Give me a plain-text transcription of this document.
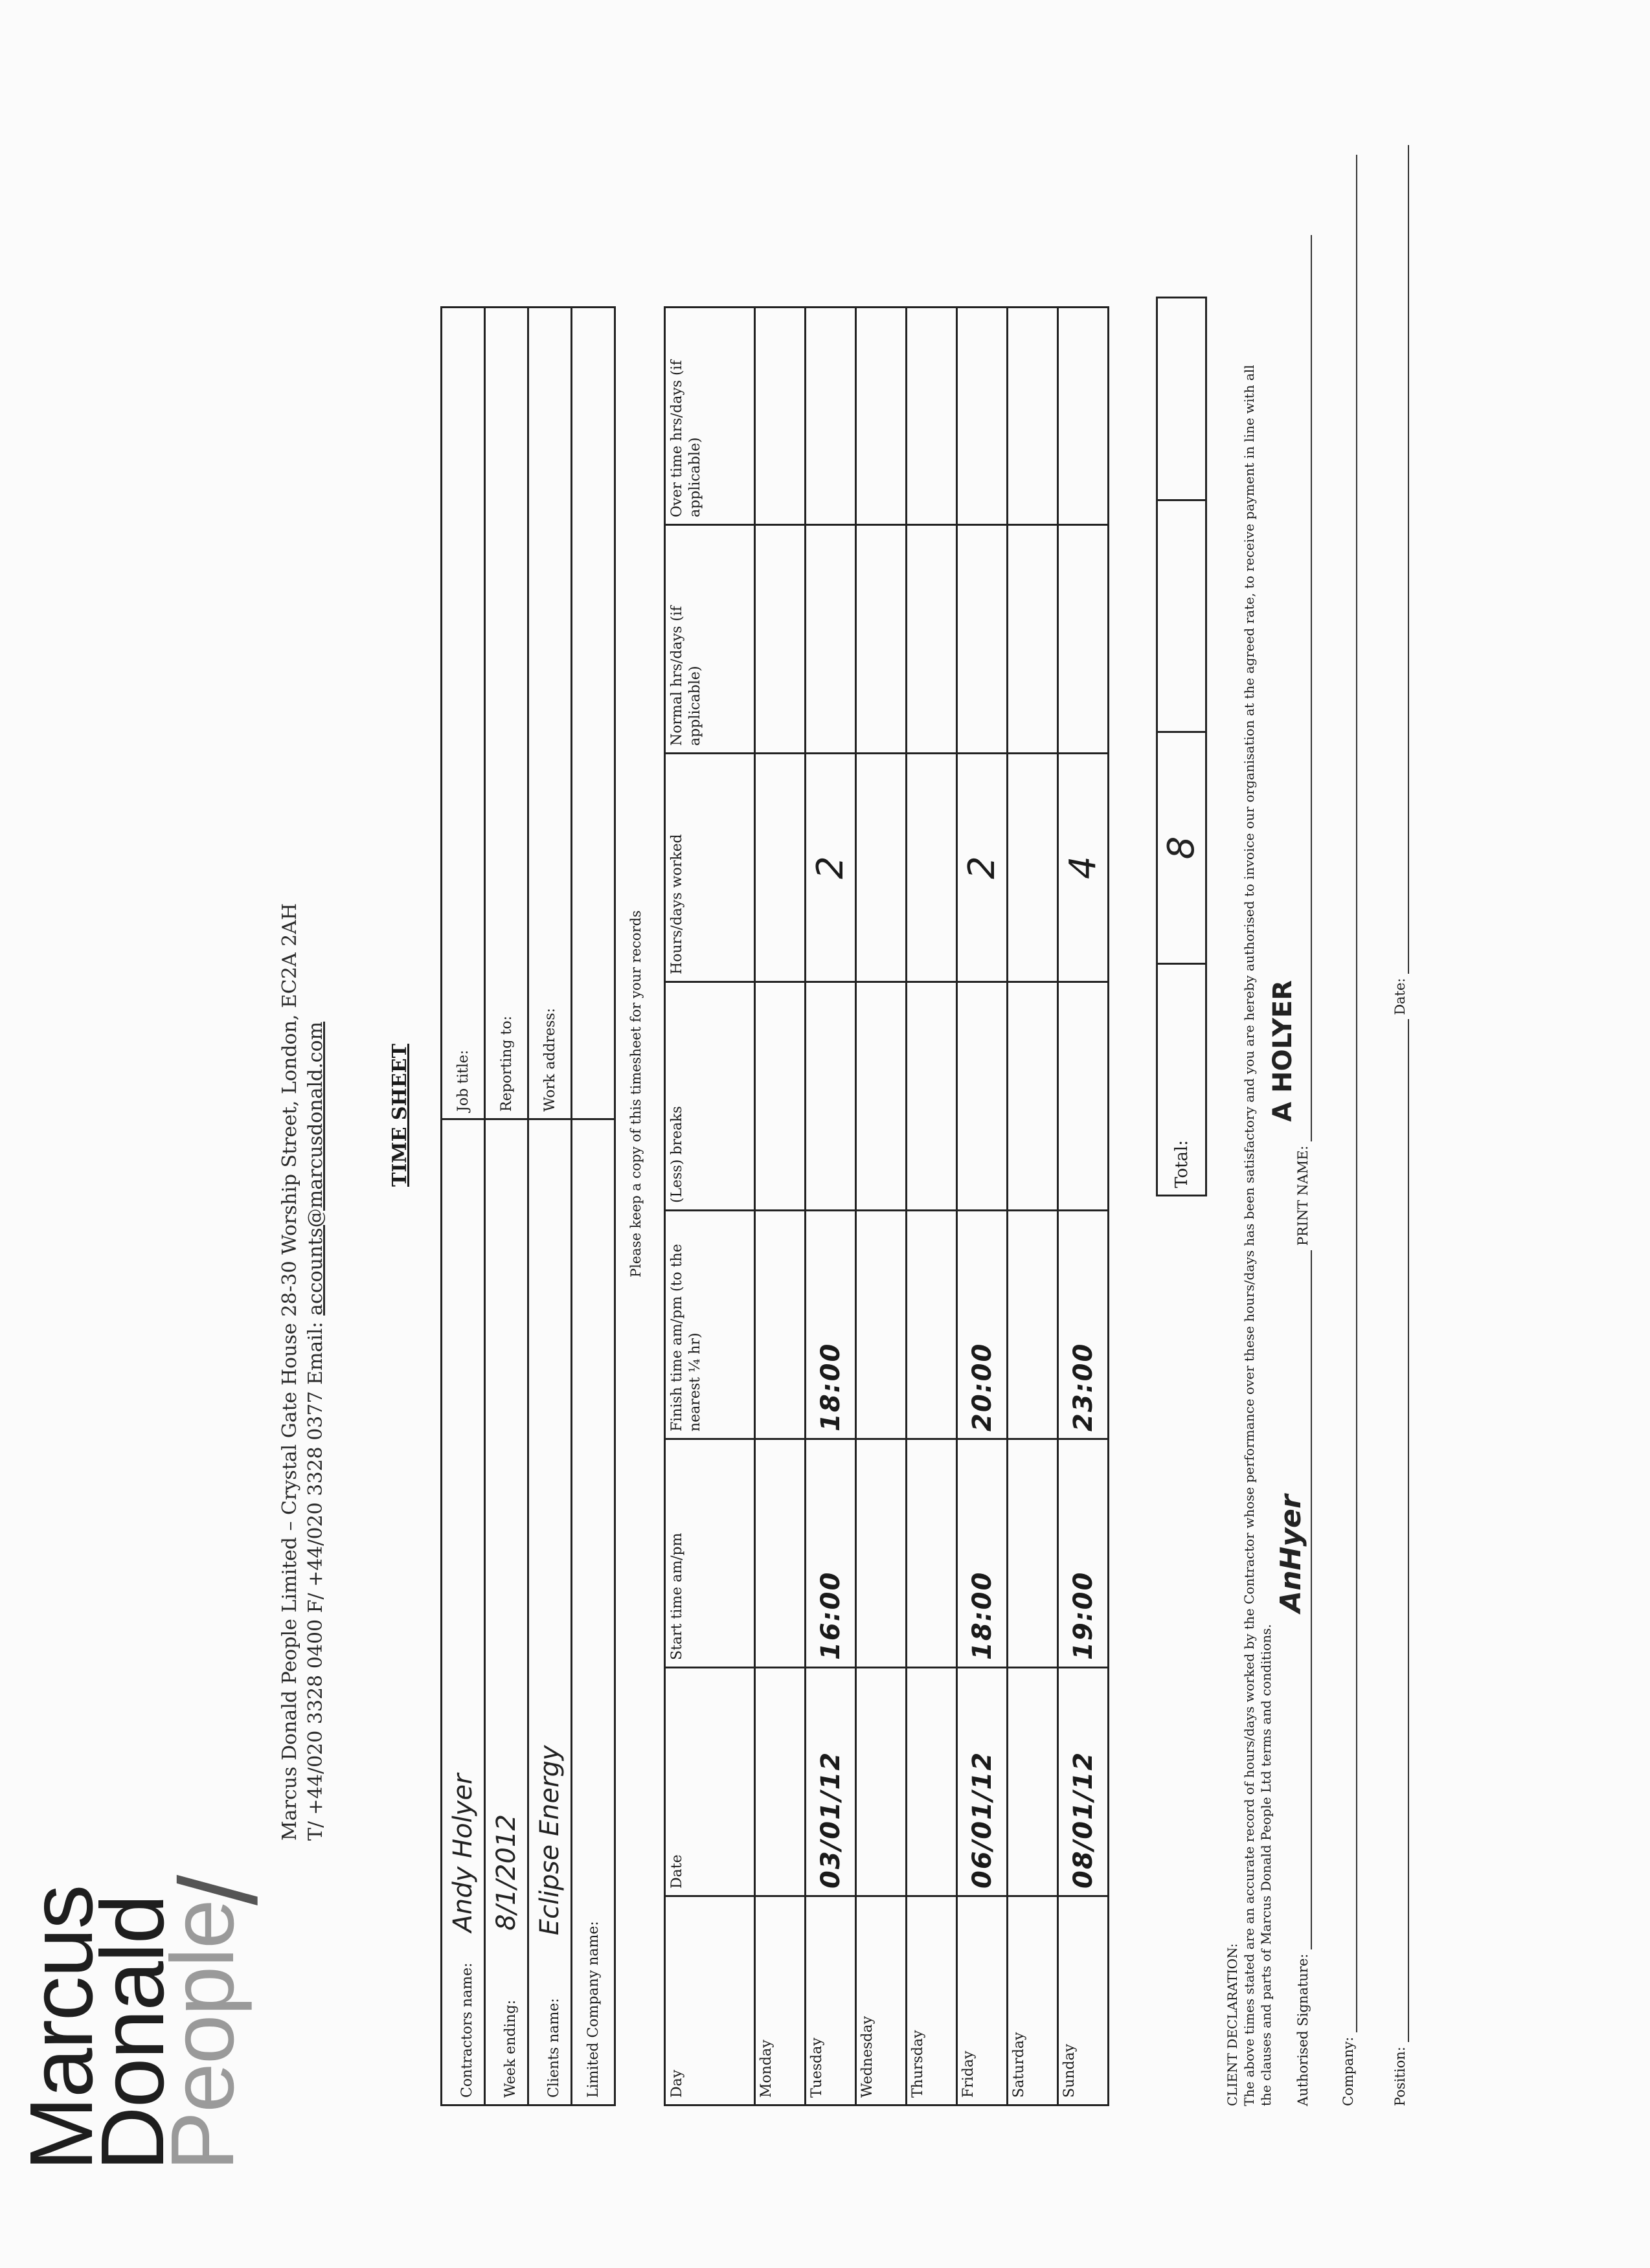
Marcus
Donald
People
/
Marcus Donald People Limited – Crystal Gate House 28-30 Worship Street, London, EC2A 2AH T/ +44/020 3328 0400 F/ +44/020 3328 0377 Email: accounts@marcusdonald.com	TIME SHEET
Contractors name: Andy Holyer	Job title:
Week ending: 8/1/2012	Reporting to:
Clients name: Eclipse Energy	Work address:
Limited Company name:	
Please keep a copy of this timesheet for your records
Day	Date	Start time am/pm	Finish time am/pm (to the nearest ¼ hr)	(Less) breaks	Hours/days worked	Normal hrs/days (if applicable)	Over time hrs/days (if applicable)
Monday							
Tuesday	03/01/12	16:00	18:00		2		
Wednesday							
Thursday							
Friday	06/01/12	18:00	20:00		2		
Saturday							
Sunday	08/01/12	19:00	23:00		4		
Total:	8		
CLIENT DECLARATION: The above times stated are an accurate record of hours/days worked by the Contractor whose performance over these hours/days has been satisfactory and you are hereby authorised to invoice our organisation at the agreed rate, to receive payment in line with all the clauses and parts of Marcus Donald People Ltd terms and conditions. Authorised Signature:
AnHyer
PRINT NAME:
A HOLYER

Company:	Position:   Date:
